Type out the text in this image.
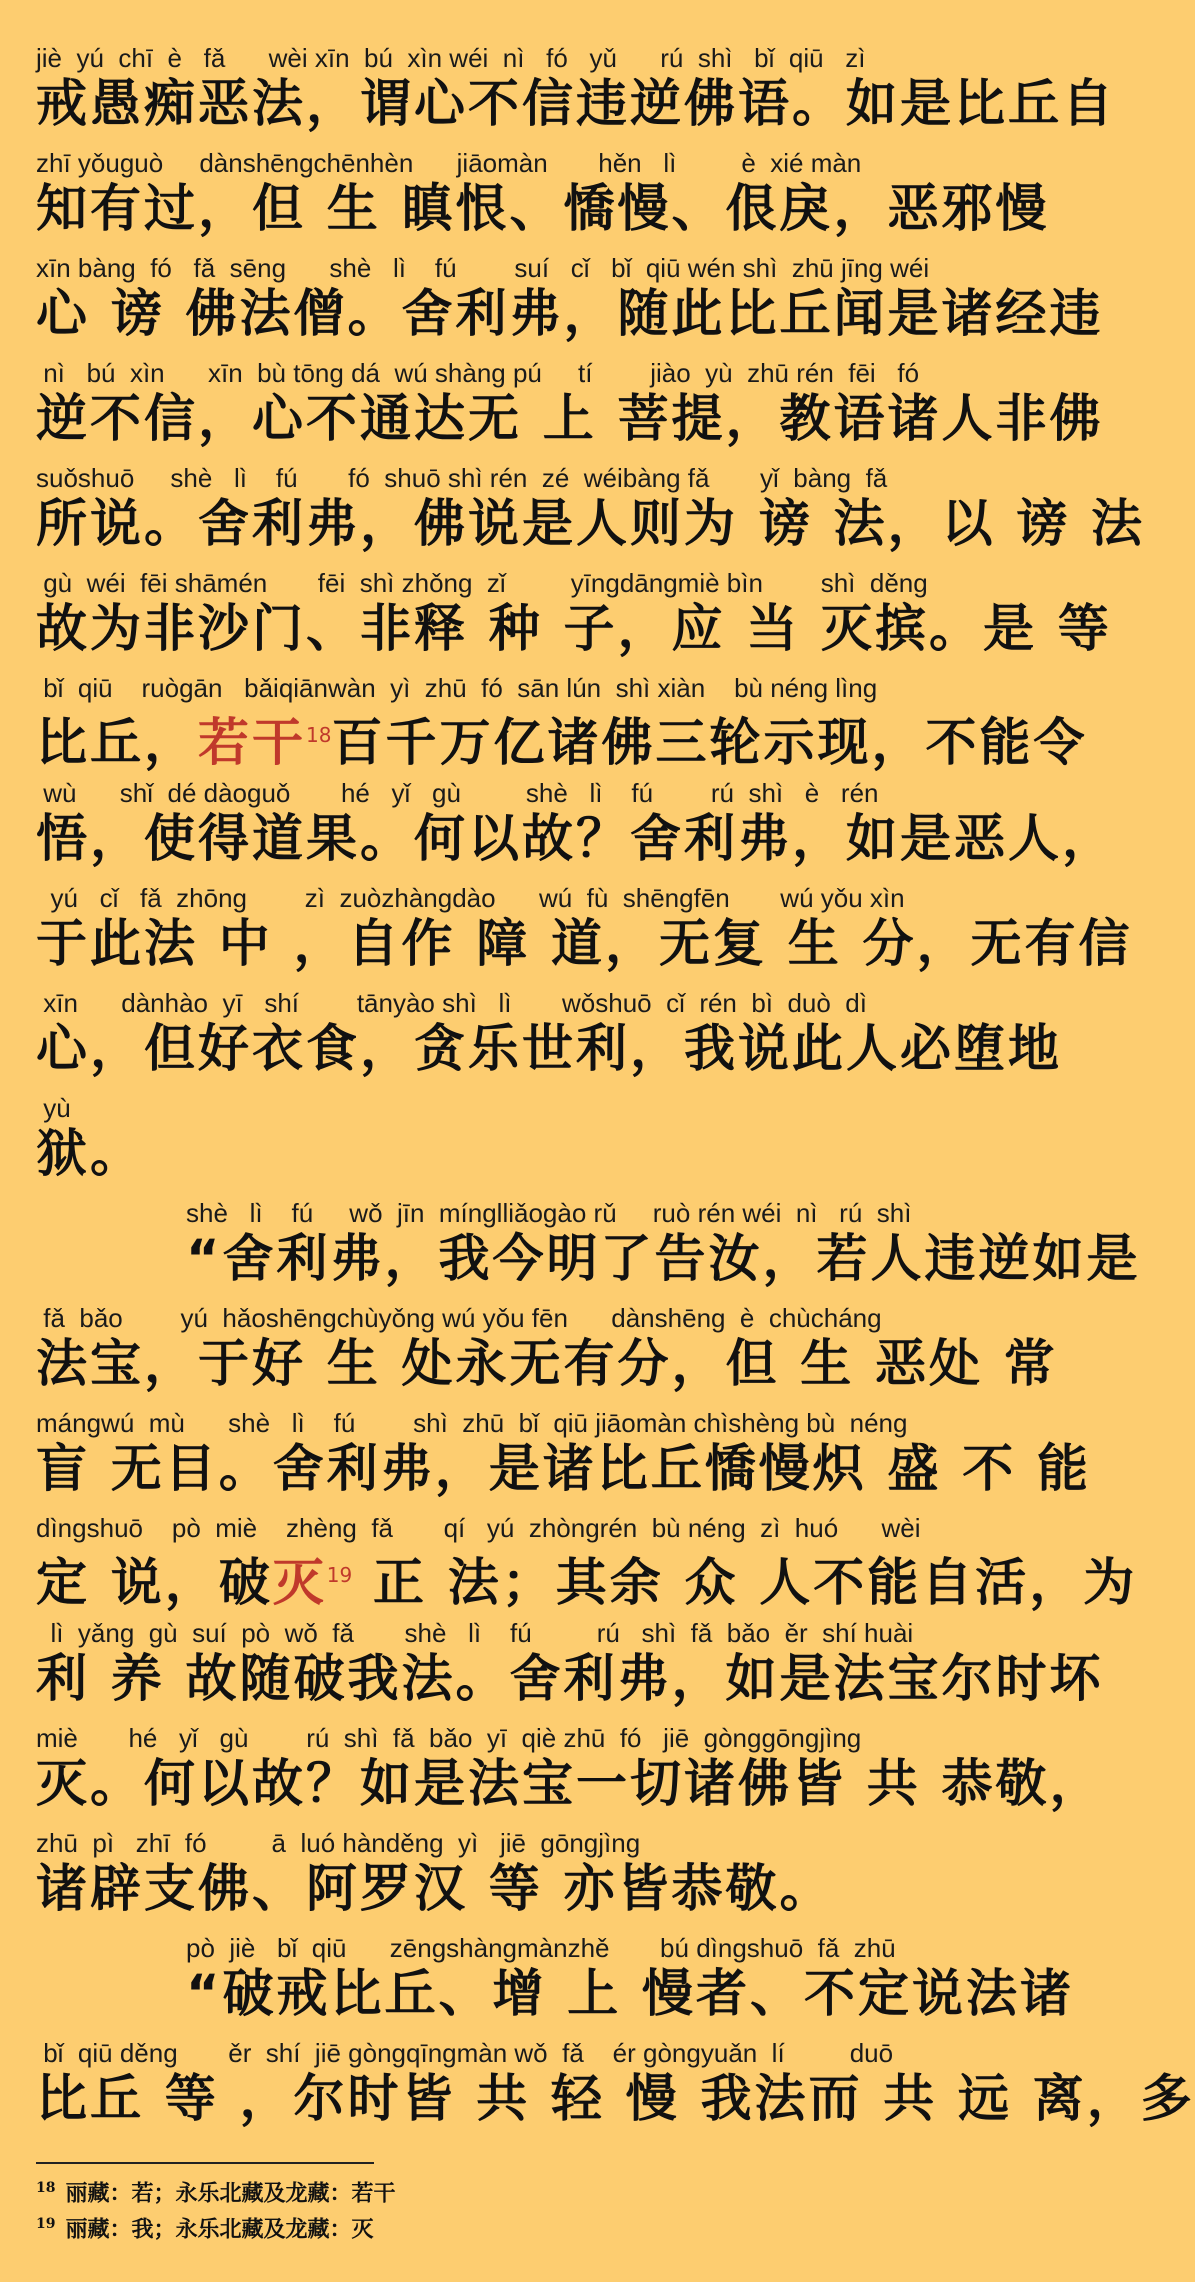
jiè  yú  chī  è   fǎ      wèi xīn  bú  xìn wéi  nì   fó   yǔ      rú  shì   bǐ  qiū   zì
戒愚痴恶法，谓心不信违逆佛语。如是比丘自
zhī yǒuguò     dànshēngchēnhèn      jiāomàn       hěn   lì         è  xié màn
知有过，但 生 瞋恨、憍慢、佷戾，恶邪慢
xīn bàng  fó   fǎ  sēng      shè   lì    fú        suí   cǐ   bǐ  qiū wén shì  zhū jīng wéi
心 谤 佛法僧。舍利弗，随此比丘闻是诸经违
nì   bú  xìn      xīn  bù tōng dá  wú shàng pú     tí        jiào  yù  zhū rén  fēi   fó
逆不信，心不通达无 上 菩提，教语诸人非佛
suǒshuō     shè   lì    fú       fó  shuō shì rén  zé  wéibàng fǎ       yǐ  bàng  fǎ
所说。舍利弗，佛说是人则为 谤 法，以 谤 法
gù  wéi  fēi shāmén       fēi  shì zhǒng  zǐ         yīngdāngmiè bìn        shì  děng
故为非沙门、非释 种 子，应 当 灭摈。是 等
bǐ  qiū    ruògān   bǎiqiānwàn  yì  zhū  fó  sān lún  shì xiàn    bù néng lìng
比丘，若干$^{18}$百千万亿诸佛三轮示现，不能令
wù      shǐ  dé dàoguǒ       hé   yǐ   gù         shè   lì    fú        rú  shì   è   rén
悟，使得道果。何以故？舍利弗，如是恶人，
yú   cǐ   fǎ  zhōng        zì  zuòzhàngdào      wú  fù  shēngfēn       wú yǒu xìn
于此法 中 ，自作 障 道，无复 生 分，无有信
xīn      dànhào  yī   shí        tānyào shì   lì       wǒshuō  cǐ  rén  bì  duò  dì
心，但好衣食，贪乐世利，我说此人必堕地
yù
狱。
shè   lì    fú     wǒ  jīn  mínglliǎogào rǔ     ruò rén wéi  nì   rú  shì
“舍利弗，我今明了告汝，若人违逆如是
fǎ  bǎo        yú  hǎoshēngchùyǒng wú yǒu fēn      dànshēng  è  chùcháng
法宝，于好 生 处永无有分，但 生 恶处 常
mángwú  mù      shè   lì    fú        shì  zhū  bǐ  qiū jiāomàn chìshèng bù  néng
盲 无目。舍利弗，是诸比丘憍慢炽 盛 不 能
dìngshuō    pò  miè    zhèng  fǎ       qí   yú  zhòngrén  bù néng  zì  huó      wèi
定 说，破灭$^{19}$ 正 法；其余 众 人不能自活，为
lì  yǎng  gù  suí  pò  wǒ  fǎ       shè   lì    fú         rú   shì  fǎ  bǎo  ěr  shí huài
利 养 故随破我法。舍利弗，如是法宝尔时坏
miè       hé   yǐ   gù        rú  shì  fǎ  bǎo  yī  qiè zhū  fó   jiē  gònggōngjìng
灭。何以故？如是法宝一切诸佛皆 共 恭敬，
zhū  pì   zhī  fó         ā  luó hànděng  yì   jiē  gōngjìng
诸辟支佛、阿罗汉 等 亦皆恭敬。
pò  jiè   bǐ  qiū      zēngshàngmànzhě       bú dìngshuō  fǎ  zhū
“破戒比丘、增 上 慢者、不定说法诸
bǐ  qiū děng       ěr  shí  jiē gòngqīngmàn wǒ  fǎ    ér gòngyuǎn  lí         duō
比丘 等 ，尔时皆 共 轻 慢 我法而 共 远 离，多
$^{18}$ 丽藏：若；永乐北藏及龙藏：若干
$^{19}$ 丽藏：我；永乐北藏及龙藏：灭
